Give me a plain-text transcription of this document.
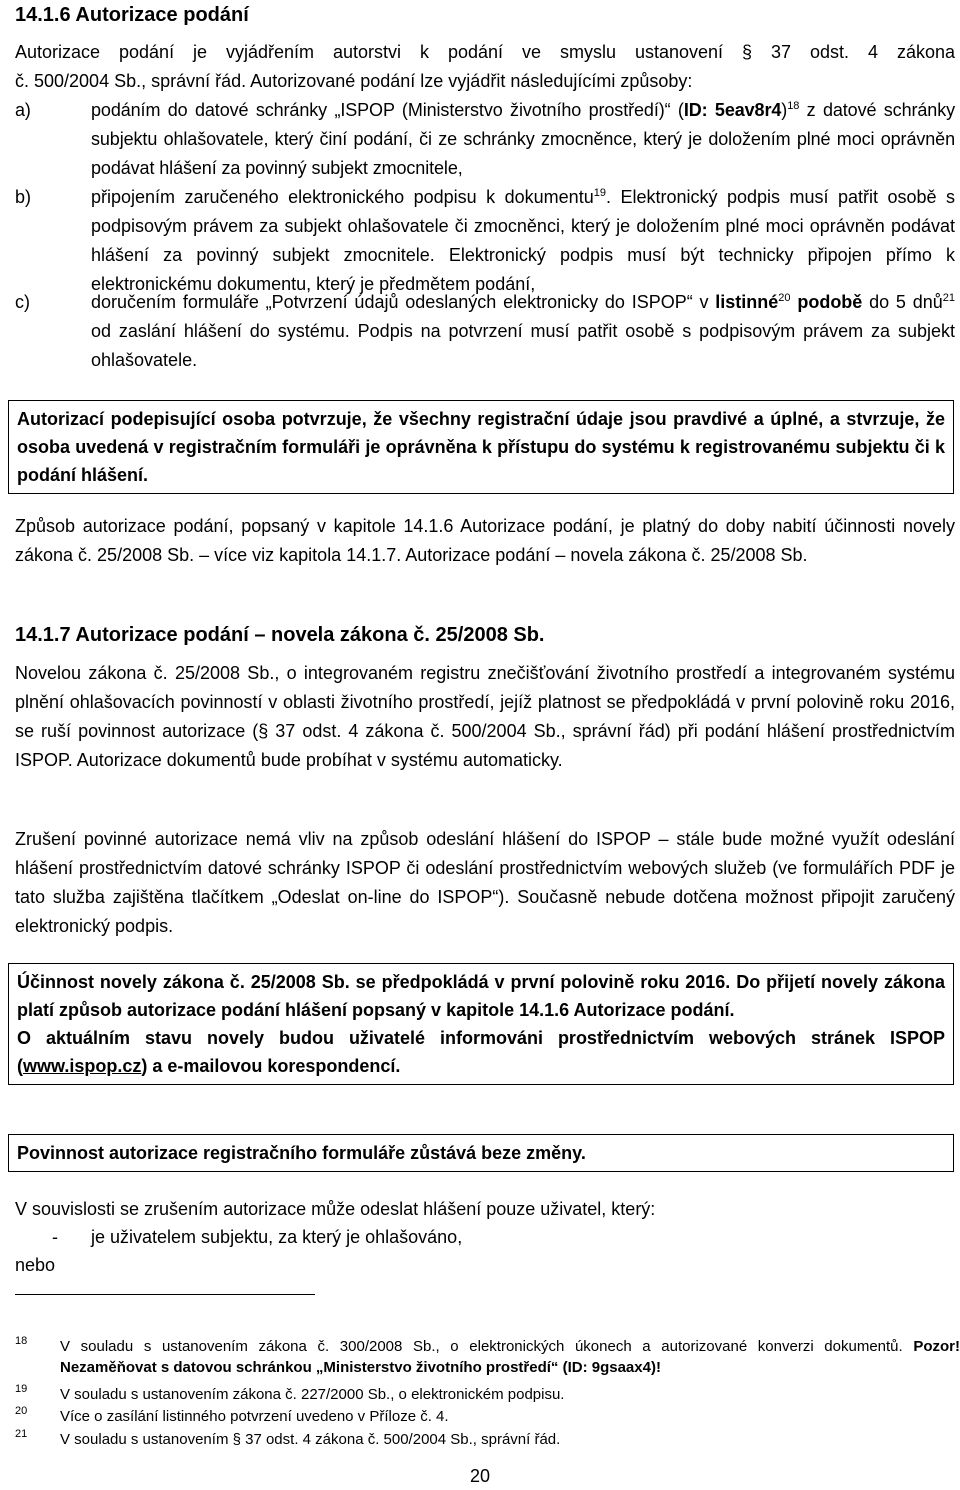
14.1.6 Autorizace podání
Autorizace podání je vyjádřením autorstvi k podání ve smyslu ustanovení § 37 odst. 4 zákona
č. 500/2004 Sb., správní řád. Autorizované podání lze vyjádřit následujícími způsoby:
a)	podáním do datové schránky „ISPOP (Ministerstvo životního prostředí)“ (ID: 5eav8r4)$^{18}$ z datové schránky subjektu ohlašovatele, který činí podání, či ze schránky zmocněnce, který je doložením plné moci oprávněn podávat hlášení za povinný subjekt zmocnitele,
b)	připojením zaručeného elektronického podpisu k dokumentu$^{19}$. Elektronický podpis musí patřit osobě s podpisovým právem za subjekt ohlašovatele či zmocněnci, který je doložením plné moci oprávněn podávat hlášení za povinný subjekt zmocnitele. Elektronický podpis musí být technicky připojen přímo k elektronickému dokumentu, který je předmětem podání,
c)	doručením formuláře „Potvrzení údajů odeslaných elektronicky do ISPOP“ v listinné$^{20}$ podobě do 5 dnů$^{21}$ od zaslání hlášení do systému. Podpis na potvrzení musí patřit osobě s podpisovým právem za subjekt ohlašovatele.
Autorizací podepisující osoba potvrzuje, že všechny registrační údaje jsou pravdivé a úplné, a stvrzuje, že osoba uvedená v registračním formuláři je oprávněna k přístupu do systému k registrovanému subjektu či k podání hlášení.
Způsob autorizace podání, popsaný v kapitole 14.1.6 Autorizace podání, je platný do doby nabití účinnosti novely zákona č. 25/2008 Sb. – více viz kapitola 14.1.7. Autorizace podání – novela zákona č. 25/2008 Sb.
14.1.7 Autorizace podání – novela zákona č. 25/2008 Sb.
Novelou zákona č. 25/2008 Sb., o integrovaném registru znečišťování životního prostředí a integrovaném systému plnění ohlašovacích povinností v oblasti životního prostředí, jejíž platnost se předpokládá v první polovině roku 2016, se ruší povinnost autorizace (§ 37 odst. 4 zákona č. 500/2004 Sb., správní řád) při podání hlášení prostřednictvím ISPOP. Autorizace dokumentů bude probíhat v systému automaticky.
Zrušení povinné autorizace nemá vliv na způsob odeslání hlášení do ISPOP – stále bude možné využít odeslání hlášení prostřednictvím datové schránky ISPOP či odeslání prostřednictvím webových služeb (ve formulářích PDF je tato služba zajištěna tlačítkem „Odeslat on-line do ISPOP“). Současně nebude dotčena možnost připojit zaručený elektronický podpis.
Účinnost novely zákona č. 25/2008 Sb. se předpokládá v první polovině roku 2016. Do přijetí novely zákona platí způsob autorizace podání hlášení popsaný v kapitole 14.1.6 Autorizace podání.
O aktuálním stavu novely budou uživatelé informováni prostřednictvím webových stránek ISPOP (www.ispop.cz) a e-mailovou korespondencí.
Povinnost autorizace registračního formuláře zůstává beze změny.
V souvislosti se zrušením autorizace může odeslat hlášení pouze uživatel, který:
- je uživatelem subjektu, za který je ohlašováno,
nebo
18 V souladu s ustanovením zákona č. 300/2008 Sb., o elektronických úkonech a autorizované konverzi dokumentů. Pozor! Nezaměňovat s datovou schránkou „Ministerstvo životního prostředí“ (ID: 9gsaax4)!
19 V souladu s ustanovením zákona č. 227/2000 Sb., o elektronickém podpisu.
20 Více o zasílání listinného potvrzení uvedeno v Příloze č. 4.
21 V souladu s ustanovením § 37 odst. 4 zákona č. 500/2004 Sb., správní řád.
20
